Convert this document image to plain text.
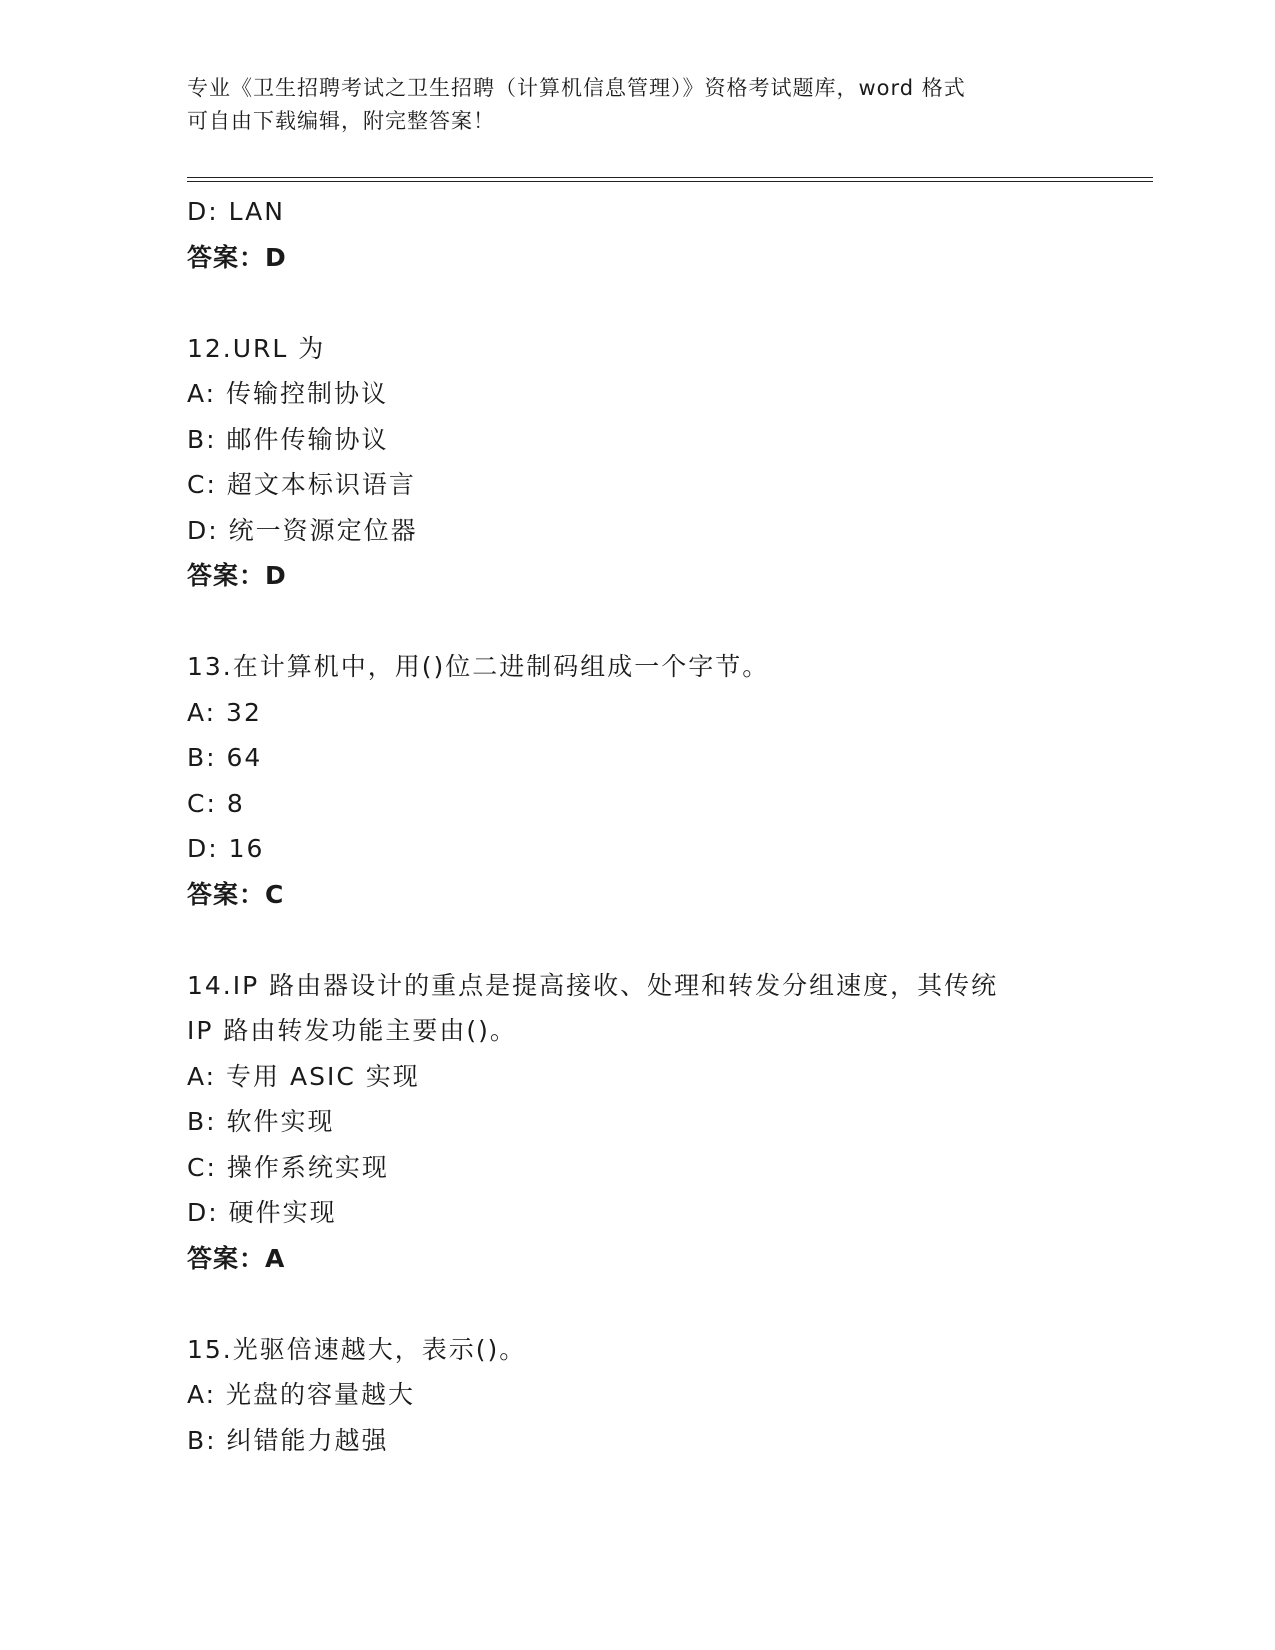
专业《卫生招聘考试之卫生招聘（计算机信息管理）》资格考试题库，word 格式
可自由下载编辑，附完整答案！
D: LAN
答案：D
12.URL 为
A: 传输控制协议
B: 邮件传输协议
C: 超文本标识语言
D: 统一资源定位器
答案：D
13.在计算机中，用()位二进制码组成一个字节。
A: 32
B: 64
C: 8
D: 16
答案：C
14.IP 路由器设计的重点是提高接收、处理和转发分组速度，其传统
IP 路由转发功能主要由()。
A: 专用 ASIC 实现
B: 软件实现
C: 操作系统实现
D: 硬件实现
答案：A
15.光驱倍速越大，表示()。
A: 光盘的容量越大
B: 纠错能力越强
